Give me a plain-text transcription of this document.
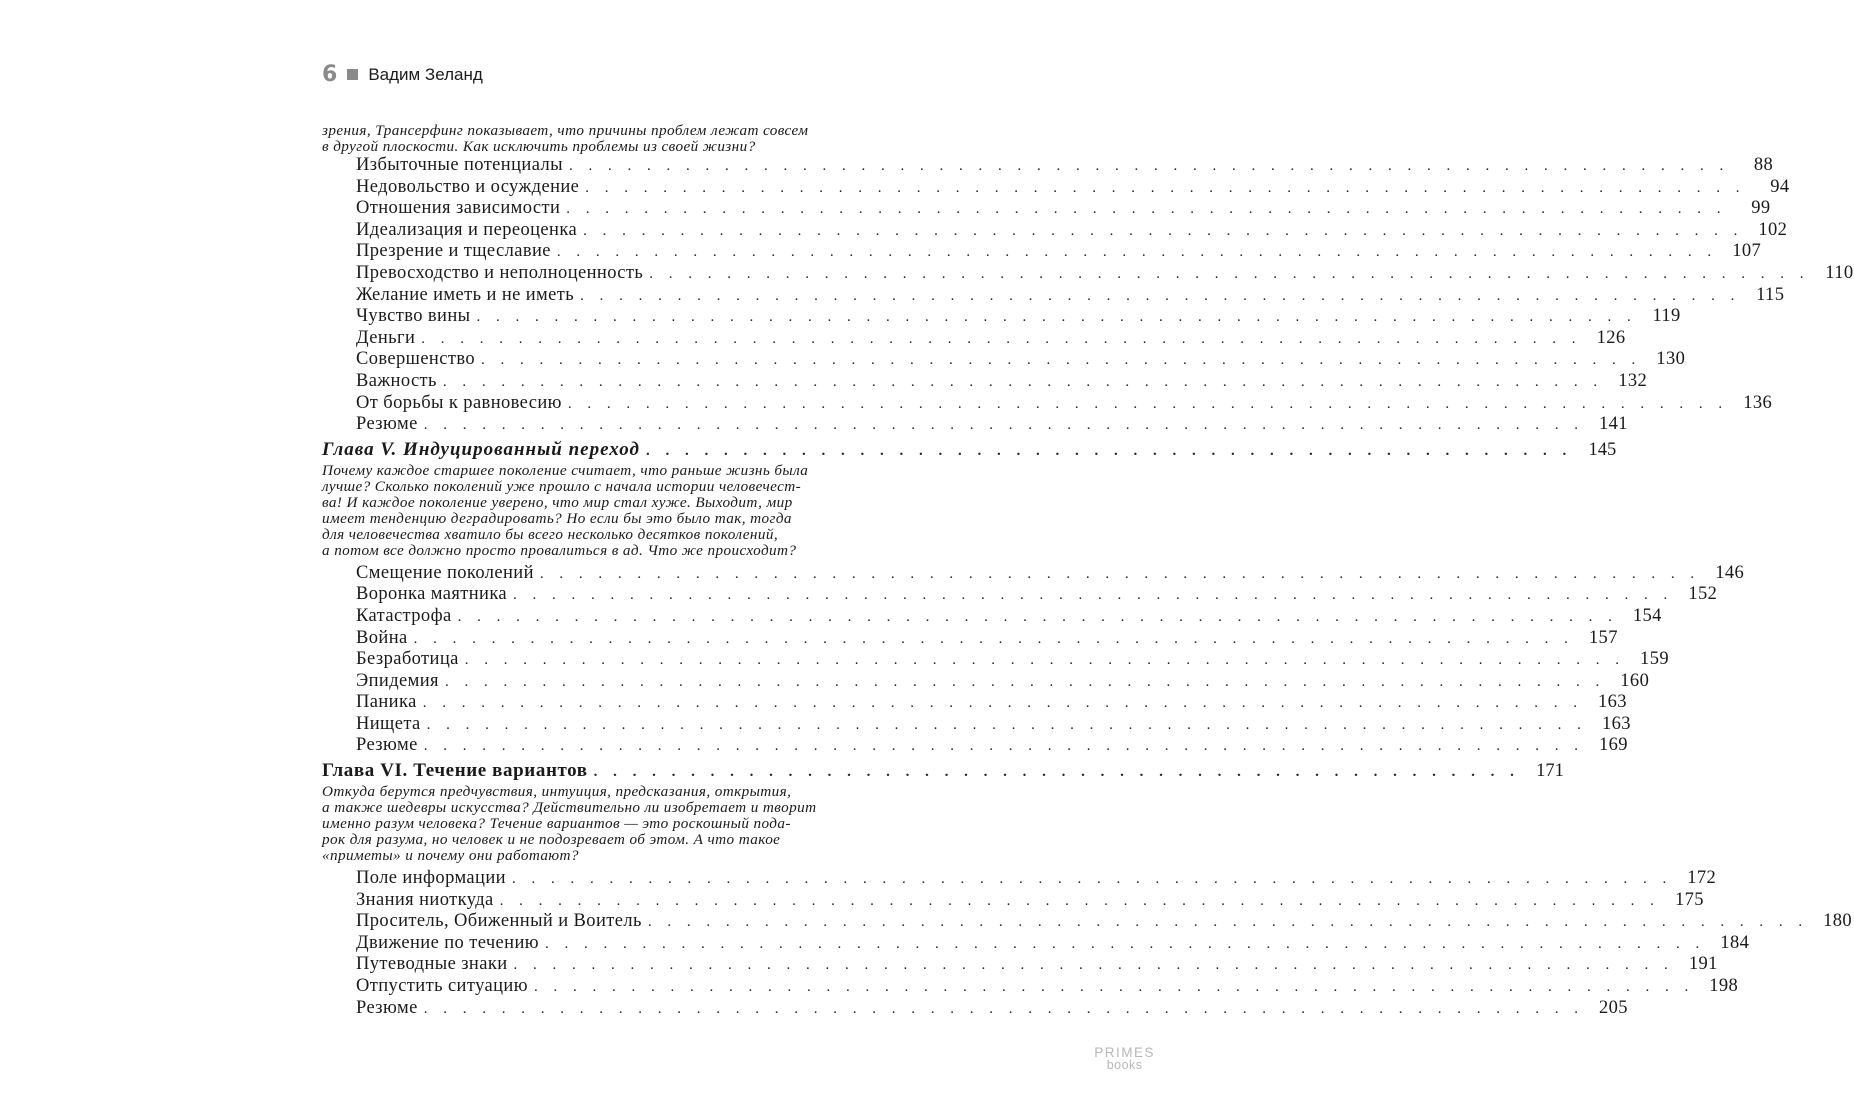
6 Вадим Зеланд

зрения, Трансерфинг показывает, что причины проблем лежат совсем
в другой плоскости. Как исключить проблемы из своей жизни?

Избыточные потенциалы . . . . . . . . . . . . . . . . . . . . . . . . . . . . . . . . . . . . . . . . . . . . . . . . . . . . . . . . . . . .	88
Недовольство и осуждение . . . . . . . . . . . . . . . . . . . . . . . . . . . . . . . . . . . . . . . . . . . . . . . . . . . . . . . . . . . .	94
Отношения зависимости . . . . . . . . . . . . . . . . . . . . . . . . . . . . . . . . . . . . . . . . . . . . . . . . . . . . . . . . . . . .	99
Идеализация и переоценка . . . . . . . . . . . . . . . . . . . . . . . . . . . . . . . . . . . . . . . . . . . . . . . . . . . . . . . . . . . . 102
Презрение и тщеславие . . . . . . . . . . . . . . . . . . . . . . . . . . . . . . . . . . . . . . . . . . . . . . . . . . . . . . . . . . . . 107
Превосходство и неполноценность . . . . . . . . . . . . . . . . . . . . . . . . . . . . . . . . . . . . . . . . . . . . . . . . . . . . . . . . . . . . 110
Желание иметь и не иметь . . . . . . . . . . . . . . . . . . . . . . . . . . . . . . . . . . . . . . . . . . . . . . . . . . . . . . . . . . . . 115
Чувство вины . . . . . . . . . . . . . . . . . . . . . . . . . . . . . . . . . . . . . . . . . . . . . . . . . . . . . . . . . . . . 119
Деньги . . . . . . . . . . . . . . . . . . . . . . . . . . . . . . . . . . . . . . . . . . . . . . . . . . . . . . . . . . . . 126
Совершенство . . . . . . . . . . . . . . . . . . . . . . . . . . . . . . . . . . . . . . . . . . . . . . . . . . . . . . . . . . . . 130
Важность . . . . . . . . . . . . . . . . . . . . . . . . . . . . . . . . . . . . . . . . . . . . . . . . . . . . . . . . . . . . 132
От борьбы к равновесию . . . . . . . . . . . . . . . . . . . . . . . . . . . . . . . . . . . . . . . . . . . . . . . . . . . . . . . . . . . . 136
Резюме . . . . . . . . . . . . . . . . . . . . . . . . . . . . . . . . . . . . . . . . . . . . . . . . . . . . . . . . . . . . 141
Глава V. Индуцированный переход . . . . . . . . . . . . . . . . . . . . . . . . . . . . . . . . . . . . . . . . . . . . . . . . 145

Почему каждое старшее поколение считает, что раньше жизнь была
лучше? Сколько поколений уже прошло с начала истории человечест-
ва! И каждое поколение уверено, что мир стал хуже. Выходит, мир
имеет тенденцию деградировать? Но если бы это было так, тогда
для человечества хватило бы всего несколько десятков поколений,
а потом все должно просто провалиться в ад. Что же происходит?

Смещение поколений . . . . . . . . . . . . . . . . . . . . . . . . . . . . . . . . . . . . . . . . . . . . . . . . . . . . . . . . . . . . 146
Воронка маятника . . . . . . . . . . . . . . . . . . . . . . . . . . . . . . . . . . . . . . . . . . . . . . . . . . . . . . . . . . . . 152
Катастрофа . . . . . . . . . . . . . . . . . . . . . . . . . . . . . . . . . . . . . . . . . . . . . . . . . . . . . . . . . . . . 154
Война . . . . . . . . . . . . . . . . . . . . . . . . . . . . . . . . . . . . . . . . . . . . . . . . . . . . . . . . . . . . 157
Безработица . . . . . . . . . . . . . . . . . . . . . . . . . . . . . . . . . . . . . . . . . . . . . . . . . . . . . . . . . . . . 159
Эпидемия . . . . . . . . . . . . . . . . . . . . . . . . . . . . . . . . . . . . . . . . . . . . . . . . . . . . . . . . . . . . 160
Паника . . . . . . . . . . . . . . . . . . . . . . . . . . . . . . . . . . . . . . . . . . . . . . . . . . . . . . . . . . . . 163
Нищета . . . . . . . . . . . . . . . . . . . . . . . . . . . . . . . . . . . . . . . . . . . . . . . . . . . . . . . . . . . . 163
Резюме . . . . . . . . . . . . . . . . . . . . . . . . . . . . . . . . . . . . . . . . . . . . . . . . . . . . . . . . . . . . 169
Глава VI. Течение вариантов . . . . . . . . . . . . . . . . . . . . . . . . . . . . . . . . . . . . . . . . . . . . . . . . 171

Откуда берутся предчувствия, интуиция, предсказания, открытия,
а также шедевры искусства? Действительно ли изобретает и творит
именно разум человека? Течение вариантов — это роскошный пода-
рок для разума, но человек и не подозревает об этом. А что такое
«приметы» и почему они работают?

Поле информации . . . . . . . . . . . . . . . . . . . . . . . . . . . . . . . . . . . . . . . . . . . . . . . . . . . . . . . . . . . . 172
Знания ниоткуда . . . . . . . . . . . . . . . . . . . . . . . . . . . . . . . . . . . . . . . . . . . . . . . . . . . . . . . . . . . . 175
Проситель, Обиженный и Воитель . . . . . . . . . . . . . . . . . . . . . . . . . . . . . . . . . . . . . . . . . . . . . . . . . . . . . . . . . . . . 180
Движение по течению . . . . . . . . . . . . . . . . . . . . . . . . . . . . . . . . . . . . . . . . . . . . . . . . . . . . . . . . . . . . 184
Путеводные знаки . . . . . . . . . . . . . . . . . . . . . . . . . . . . . . . . . . . . . . . . . . . . . . . . . . . . . . . . . . . . 191
Отпустить ситуацию . . . . . . . . . . . . . . . . . . . . . . . . . . . . . . . . . . . . . . . . . . . . . . . . . . . . . . . . . . . . 198
Резюме . . . . . . . . . . . . . . . . . . . . . . . . . . . . . . . . . . . . . . . . . . . . . . . . . . . . . . . . . . . . 205
PRIMES
books
